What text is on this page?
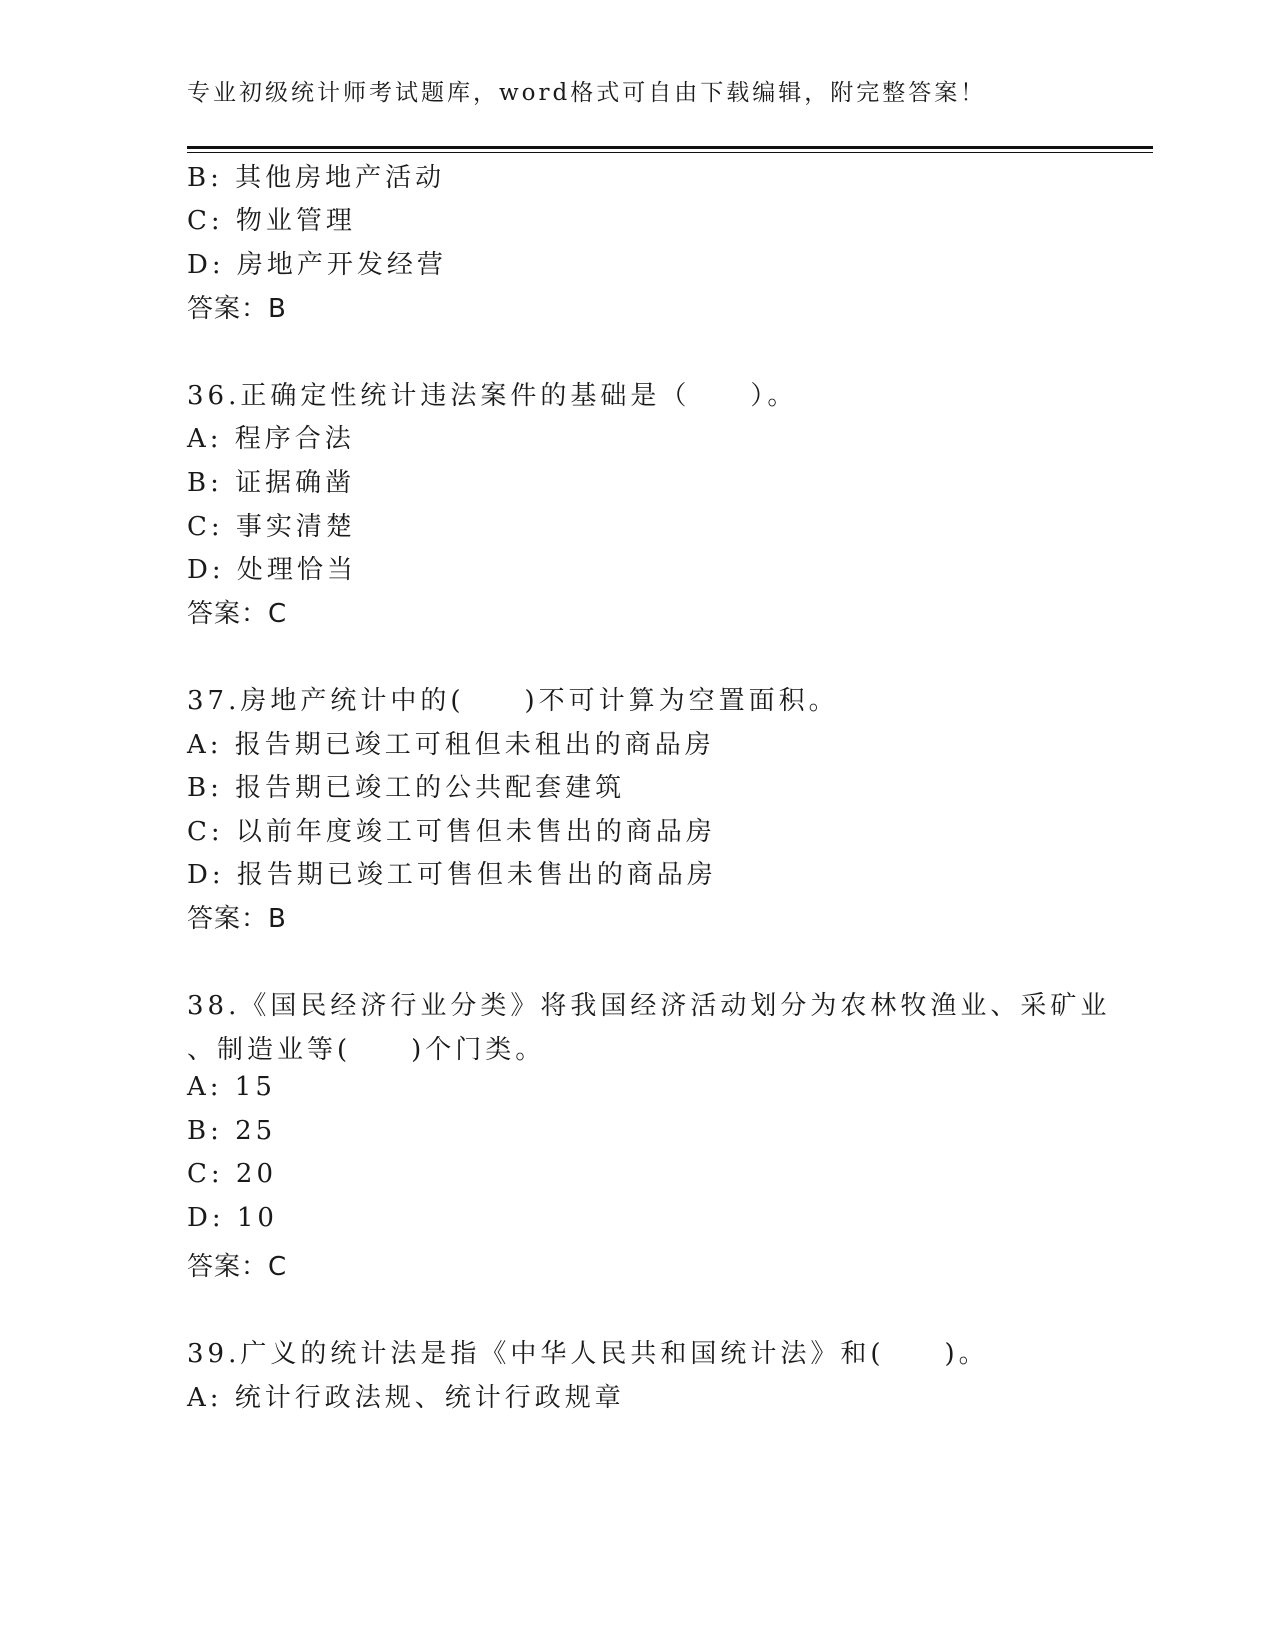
专业初级统计师考试题库，word格式可自由下载编辑，附完整答案！
B: 其他房地产活动
C: 物业管理
D: 房地产开发经营
答案：B
36.正确定性统计违法案件的基础是（　　）。
A: 程序合法
B: 证据确凿
C: 事实清楚
D: 处理恰当
答案：C
37.房地产统计中的(　　)不可计算为空置面积。
A: 报告期已竣工可租但未租出的商品房
B: 报告期已竣工的公共配套建筑
C: 以前年度竣工可售但未售出的商品房
D: 报告期已竣工可售但未售出的商品房
答案：B
38.《国民经济行业分类》将我国经济活动划分为农林牧渔业、采矿业
、制造业等(　　)个门类。
A: 15
B: 25
C: 20
D: 10
答案：C
39.广义的统计法是指《中华人民共和国统计法》和(　　)。
A: 统计行政法规、统计行政规章
